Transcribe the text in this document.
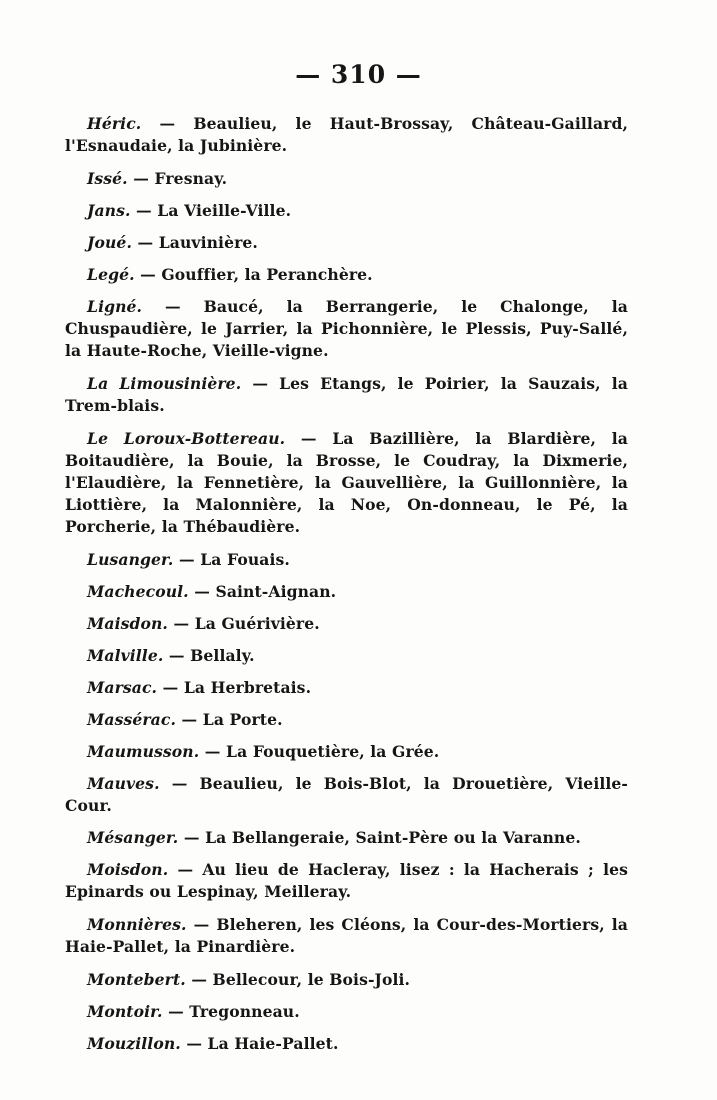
— 310 —

Héric. — Beaulieu, le Haut-Brossay, Château-Gaillard, l'Esnaudaie, la Jubinière.

Issé. — Fresnay.

Jans. — La Vieille-Ville.

Joué. — Lauvinière.

Legé. — Gouffier, la Peranchère.

Ligné. — Baucé, la Berrangerie, le Chalonge, la Chuspaudière, le Jarrier, la Pichonnière, le Plessis, Puy-Sallé, la Haute-Roche, Vieille-vigne.

La Limousinière. — Les Etangs, le Poirier, la Sauzais, la Trem-blais.

Le Loroux-Bottereau. — La Bazillière, la Blardière, la Boitaudière, la Bouie, la Brosse, le Coudray, la Dixmerie, l'Elaudière, la Fennetière, la Gauvellière, la Guillonnière, la Liottière, la Malonnière, la Noe, On-donneau, le Pé, la Porcherie, la Thébaudière.

Lusanger. — La Fouais.

Machecoul. — Saint-Aignan.

Maisdon. — La Guérivière.

Malville. — Bellaly.

Marsac. — La Herbretais.

Massérac. — La Porte.

Maumusson. — La Fouquetière, la Grée.

Mauves. — Beaulieu, le Bois-Blot, la Drouetière, Vieille-Cour.

Mésanger. — La Bellangeraie, Saint-Père ou la Varanne.

Moisdon. — Au lieu de Hacleray, lisez : la Hacherais ; les Epinards ou Lespinay, Meilleray.

Monnières. — Bleheren, les Cléons, la Cour-des-Mortiers, la Haie-Pallet, la Pinardière.

Montebert. — Bellecour, le Bois-Joli.

Montoir. — Tregonneau.

Mouzillon. — La Haie-Pallet.
